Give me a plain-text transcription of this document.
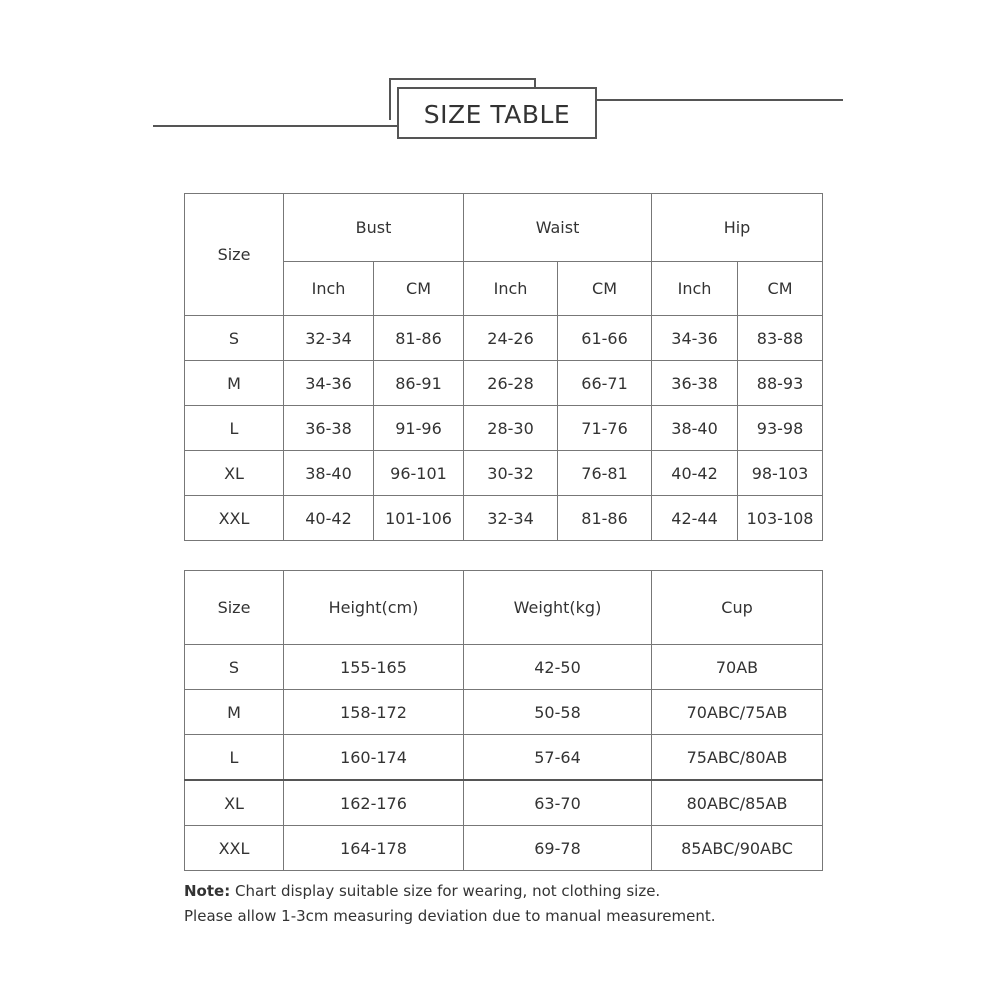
SIZE TABLE
Size	Bust		Waist		Hip	
	Inch	CM	Inch	CM	Inch	CM
S	32-34	81-86	24-26	61-66	34-36	83-88
M	34-36	86-91	26-28	66-71	36-38	88-93
L	36-38	91-96	28-30	71-76	38-40	93-98
XL	38-40	96-101	30-32	76-81	40-42	98-103
XXL	40-42	101-106	32-34	81-86	42-44	103-108
Size	Height(cm)	Weight(kg)	Cup
S	155-165	42-50	70AB
M	158-172	50-58	70ABC/75AB
L	160-174	57-64	75ABC/80AB
XL	162-176	63-70	80ABC/85AB
XXL	164-178	69-78	85ABC/90ABC
Note: Chart display suitable size for wearing, not clothing size.
Please allow 1-3cm measuring deviation due to manual measurement.
